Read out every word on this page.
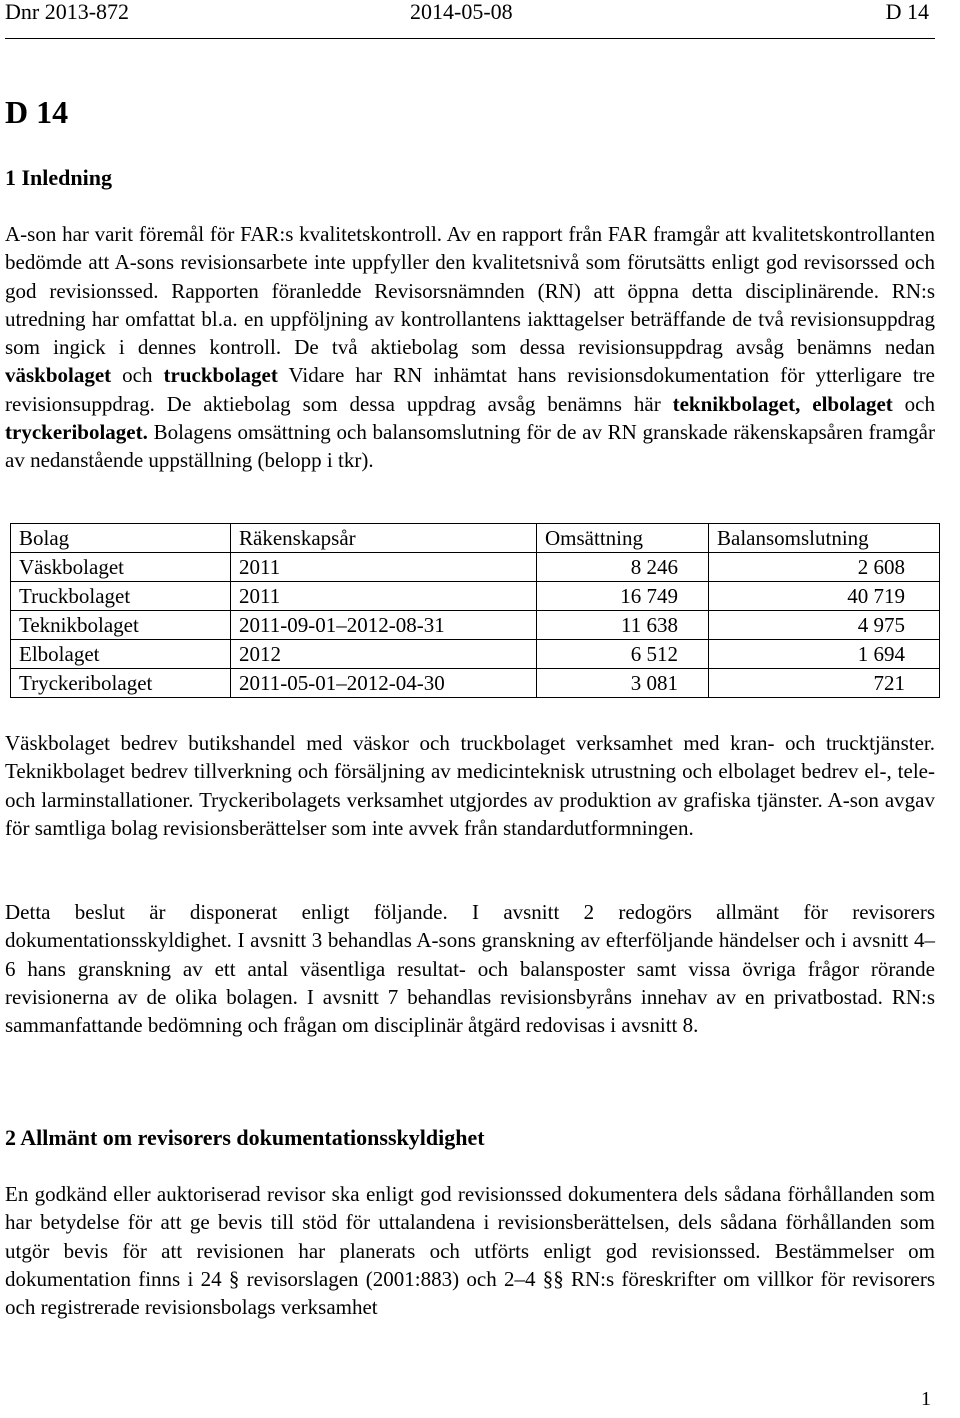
Dnr 2013-872	2014-05-08	D 14
D 14
1 Inledning

A-son har varit föremål för FAR:s kvalitetskontroll. Av en rapport från FAR framgår att kvalitetskontrollanten bedömde att A-sons revisionsarbete inte uppfyller den kvalitetsnivå som förutsätts enligt god revisorssed och god revisionssed. Rapporten föranledde Revisorsnämnden (RN) att öppna detta disciplinärende. RN:s utredning har omfattat bl.a. en uppföljning av kontrollantens iakttagelser beträffande de två revisionsuppdrag som ingick i dennes kontroll. De två aktiebolag som dessa revisionsuppdrag avsåg benämns nedan väskbolaget och truckbolaget Vidare har RN inhämtat hans revisionsdokumentation för ytterligare tre revisionsuppdrag. De aktiebolag som dessa uppdrag avsåg benämns här teknikbolaget, elbolaget och tryckeribolaget. Bolagens omsättning och balansomslutning för de av RN granskade räkenskapsåren framgår av nedanstående uppställning (belopp i tkr).

Bolag	Räkenskapsår	Omsättning	Balansomslutning
Väskbolaget	2011	8 246	2 608
Truckbolaget	2011	16 749	40 719
Teknikbolaget	2011-09-01–2012-08-31	11 638	4 975
Elbolaget	2012	6 512	1 694
Tryckeribolaget	2011-05-01–2012-04-30	3 081	721

Väskbolaget bedrev butikshandel med väskor och truckbolaget verksamhet med kran- och trucktjänster. Teknikbolaget bedrev tillverkning och försäljning av medicinteknisk utrustning och elbolaget bedrev el-, tele- och larminstallationer. Tryckeribolagets verksamhet utgjordes av produktion av grafiska tjänster. A-son avgav för samtliga bolag revisionsberättelser som inte avvek från standardutformningen.

Detta beslut är disponerat enligt följande. I avsnitt 2 redogörs allmänt för revisorers dokumentationsskyldighet. I avsnitt 3 behandlas A-sons granskning av efterföljande händelser och i avsnitt 4–6 hans granskning av ett antal väsentliga resultat- och balansposter samt vissa övriga frågor rörande revisionerna av de olika bolagen. I avsnitt 7 behandlas revisionsbyråns innehav av en privatbostad. RN:s sammanfattande bedömning och frågan om disciplinär åtgärd redovisas i avsnitt 8.

2 Allmänt om revisorers dokumentationsskyldighet

En godkänd eller auktoriserad revisor ska enligt god revisionssed dokumentera dels sådana förhållanden som har betydelse för att ge bevis till stöd för uttalandena i revisionsberättelsen, dels sådana förhållanden som utgör bevis för att revisionen har planerats och utförts enligt god revisionssed. Bestämmelser om dokumentation finns i 24 § revisorslagen (2001:883) och 2–4 §§ RN:s föreskrifter om villkor för revisorers och registrerade revisionsbolags verksamhet

1
